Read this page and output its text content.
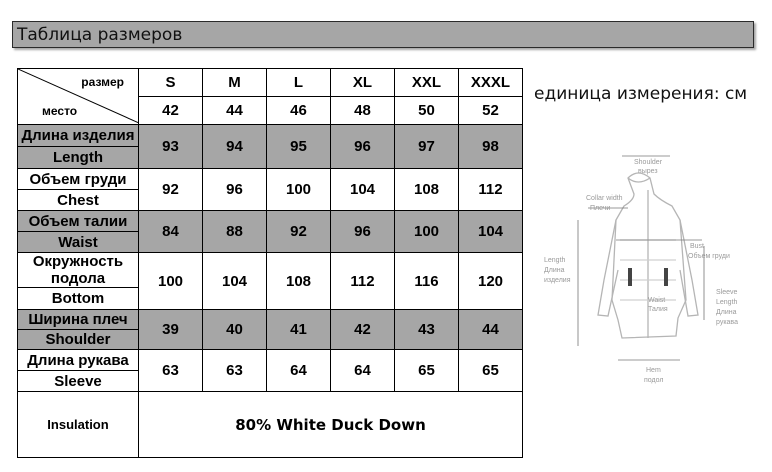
Таблица размеров
размер
место	S	M	L	XL	XXL	XXXL
	42	44	46	48	50	52
Длина изделия	93	94	95	96	97	98
Length						
Объем груди	92	96	100	104	108	112
Chest						
Объем талии	84	88	92	96	100	104
Waist						
Окружность подола	100	104	108	112	116	120
Bottom						
Ширина плеч	39	40	41	42	43	44
Shoulder						
Длина рукава	63	63	64	64	65	65
Sleeve						
Insulation	80% White Duck Down					
единица измерения: см
Shoulder
вырез
Collar width
Плечи
Bust
Объем груди
Length
Длина
изделия
Waist
Талия
Sleeve
Length
Длина
рукава
Hem
подол
